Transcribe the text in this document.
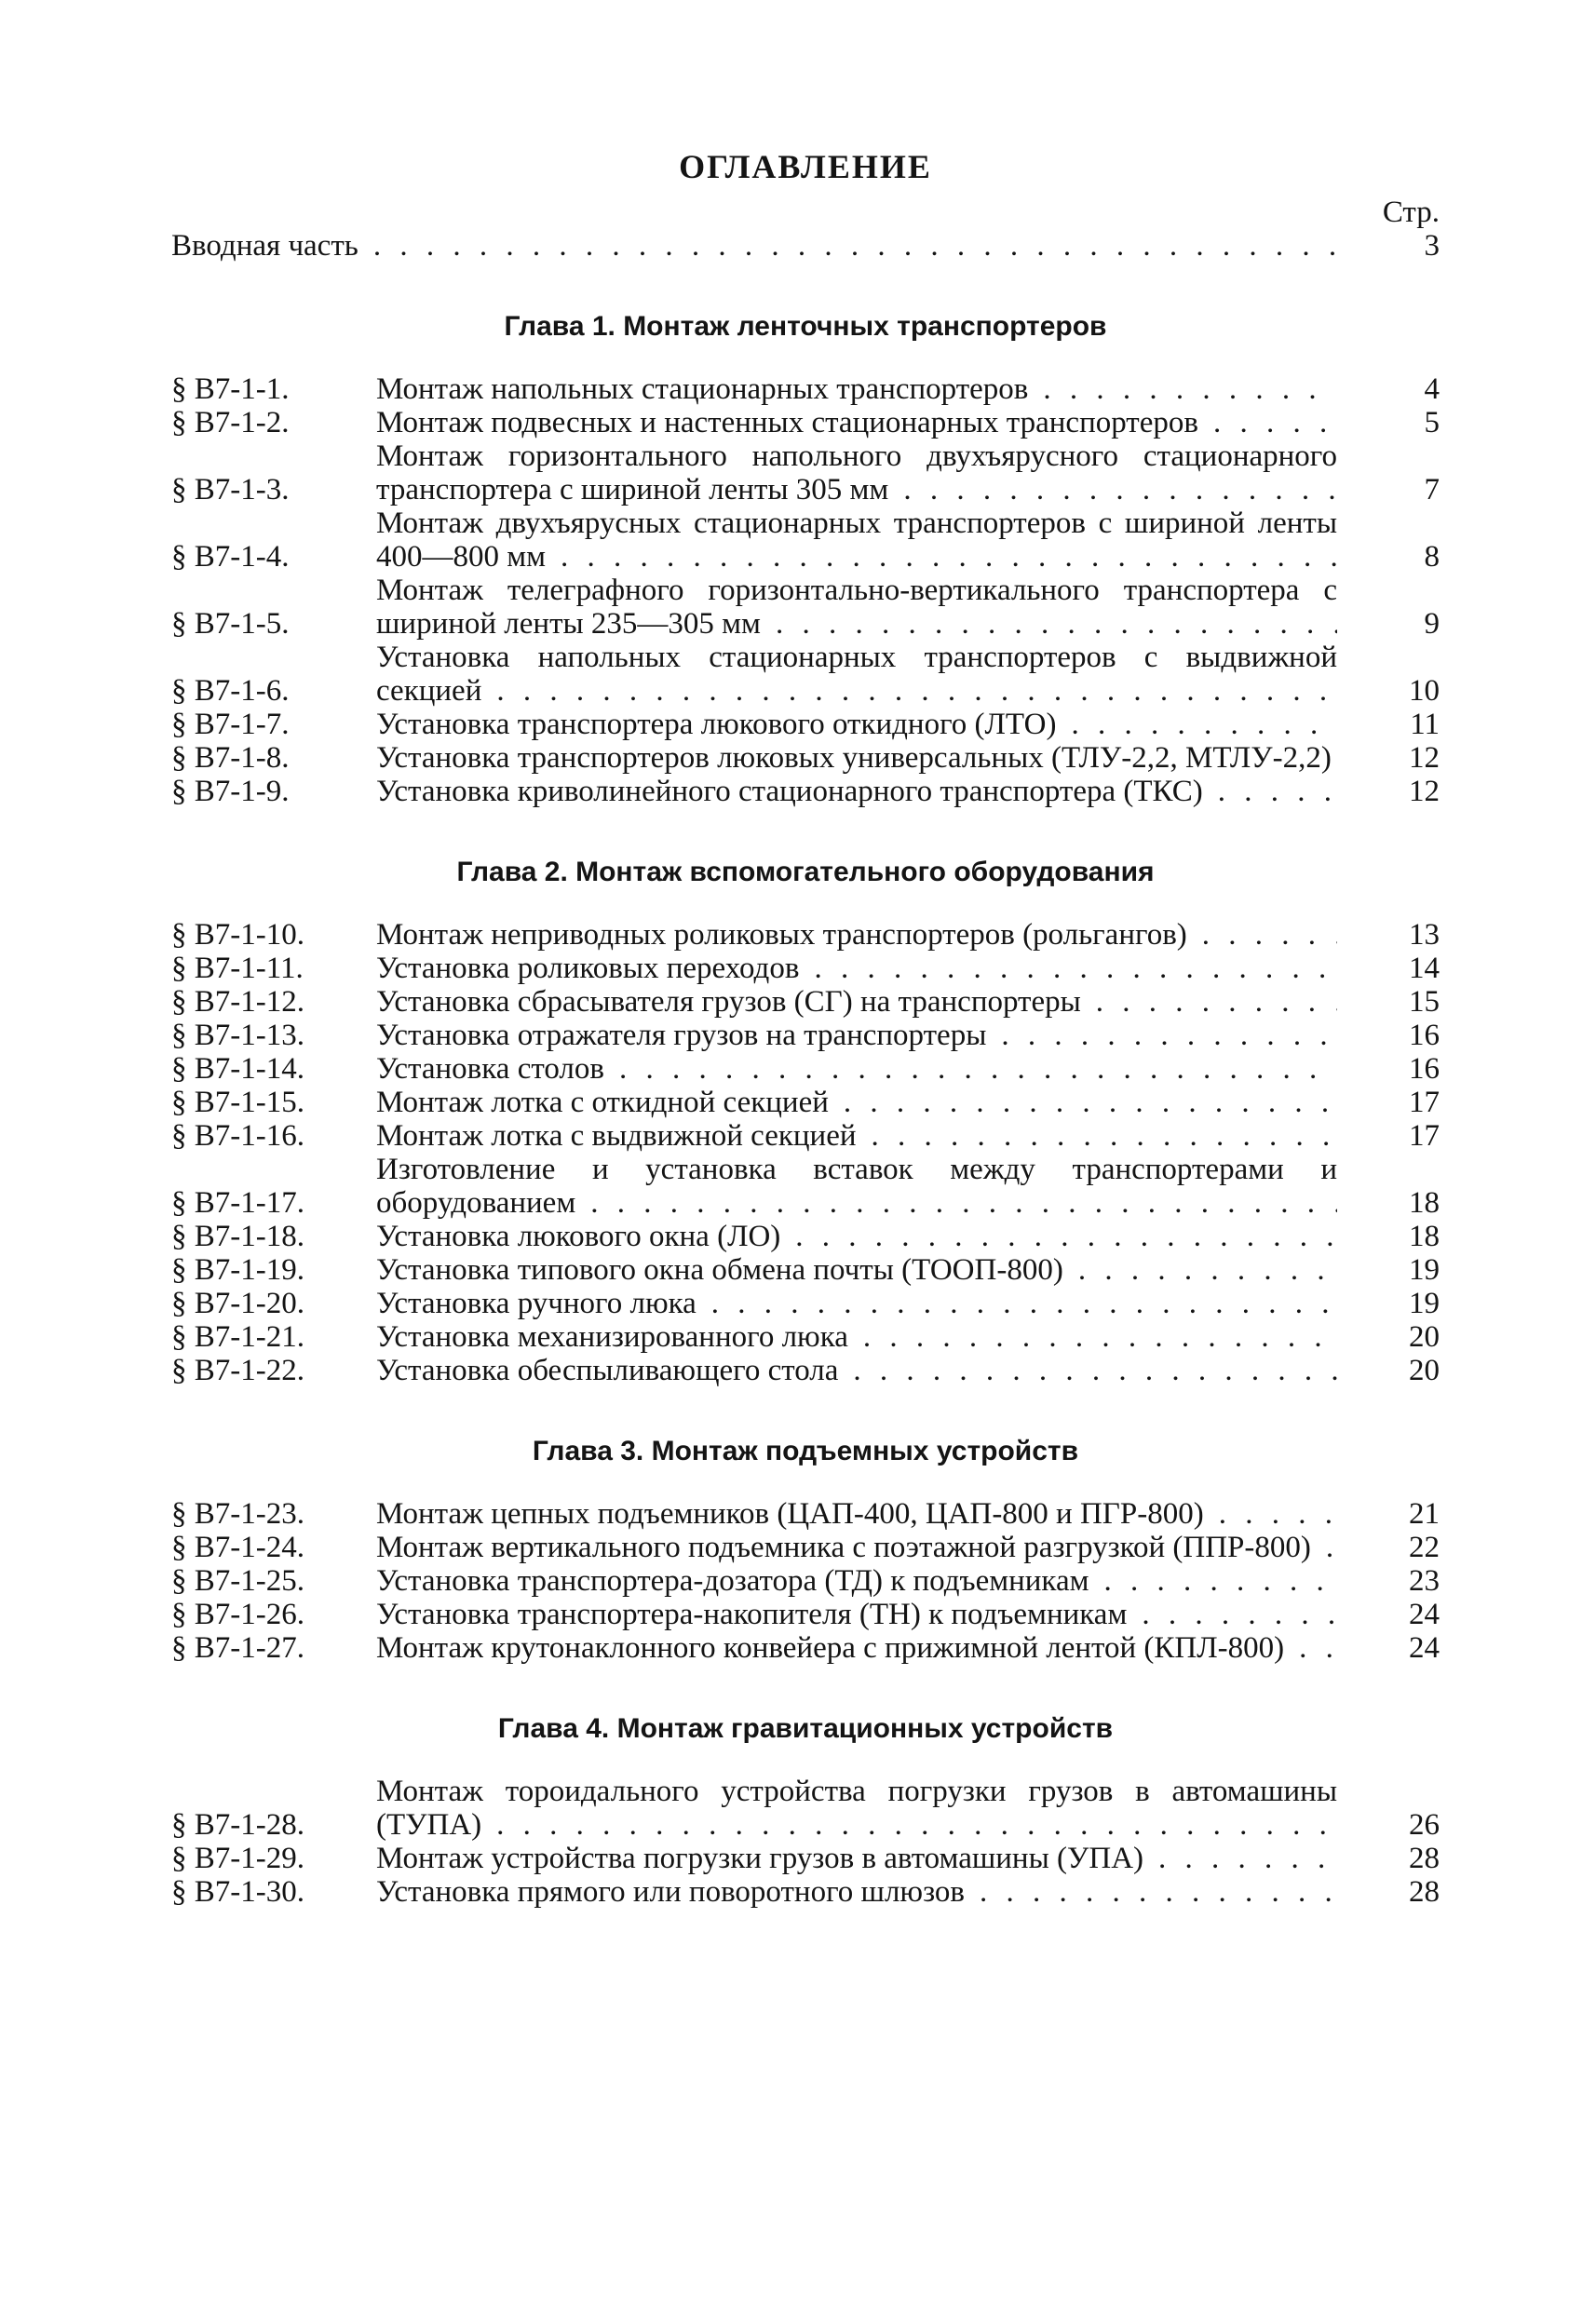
ОГЛАВЛЕНИЕ
Стр.
Вводная часть . . .	3
Глава 1. Монтаж ленточных транспортеров
§ В7-1-1.	Монтаж напольных стационарных транспортеров . . .	4
§ В7-1-2.	Монтаж подвесных и настенных стационарных транспортеров . . .	5
§ В7-1-3.
Монтаж горизонтального напольного двухъярусного стационарного транспортера с шириной ленты 305 мм . . .	7
§ В7-1-4.
Монтаж двухъярусных стационарных транспортеров с шириной ленты 400—800 мм . . .	8
§ В7-1-5.
Монтаж телеграфного горизонтально-вертикального транспортера с шириной ленты 235—305 мм . . .	9
§ В7-1-6.
Установка напольных стационарных транспортеров с выдвижной секцией . . .	10
§ В7-1-7.	Установка транспортера люкового откидного (ЛТО) . . .	11
§ В7-1-8.	Установка транспортеров люковых универсальных (ТЛУ-2,2, МТЛУ-2,2) . . .	12
§ В7-1-9.	Установка криволинейного стационарного транспортера (ТКС) . . .	12
Глава 2. Монтаж вспомогательного оборудования
§ В7-1-10.	Монтаж неприводных роликовых транспортеров (рольгангов) . . .	13
§ В7-1-11.	Установка роликовых переходов . . .	14
§ В7-1-12.	Установка сбрасывателя грузов (СГ) на транспортеры . . .	15
§ В7-1-13.	Установка отражателя грузов на транспортеры . . .	16
§ В7-1-14.	Установка столов . . .	16
§ В7-1-15.	Монтаж лотка с откидной секцией . . .	17
§ В7-1-16.	Монтаж лотка с выдвижной секцией . . .	17
§ В7-1-17.
Изготовление и установка вставок между транспортерами и оборудованием . . .	18
§ В7-1-18.	Установка люкового окна (ЛО) . . .	18
§ В7-1-19.	Установка типового окна обмена почты (ТООП-800) . . .	19
§ В7-1-20.	Установка ручного люка . . .	19
§ В7-1-21.	Установка механизированного люка . . .	20
§ В7-1-22.	Установка обеспыливающего стола . . .	20
Глава 3. Монтаж подъемных устройств
§ В7-1-23.	Монтаж цепных подъемников (ЦАП-400, ЦАП-800 и ПГР-800) . . .	21
§ В7-1-24.	Монтаж вертикального подъемника с поэтажной разгрузкой (ППР-800) . . .	22
§ В7-1-25.	Установка транспортера-дозатора (ТД) к подъемникам . . .	23
§ В7-1-26.	Установка транспортера-накопителя (ТН) к подъемникам . . .	24
§ В7-1-27.	Монтаж крутонаклонного конвейера с прижимной лентой (КПЛ-800) . . .	24
Глава 4. Монтаж гравитационных устройств
§ В7-1-28.
Монтаж тороидального устройства погрузки грузов в автомашины (ТУПА) . . .	26
§ В7-1-29.	Монтаж устройства погрузки грузов в автомашины (УПА) . . .	28
§ В7-1-30.	Установка прямого или поворотного шлюзов . . .	28
